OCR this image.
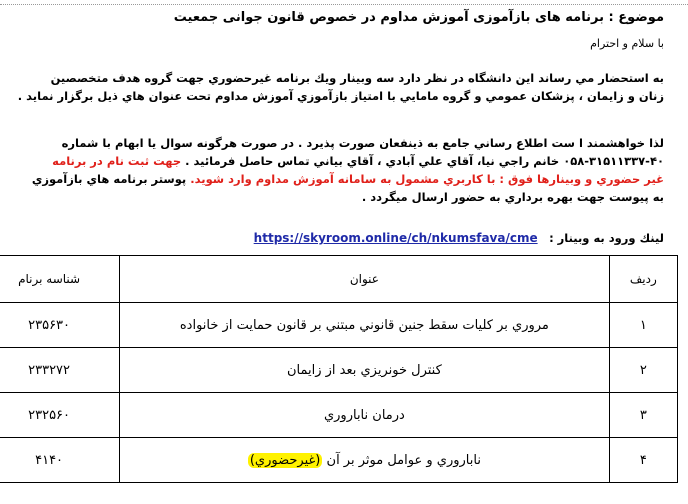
موضوع : برنامه های بازآموزی آموزش مداوم در خصوص قانون جوانی جمعیت
با سلام و احترام
به استحضار مي رساند اين دانشگاه در نظر دارد سه وبينار ويك برنامه غيرحضوري جهت گروه هدف متخصصين
زنان و زايمان ، پزشكان عمومي و گروه مامايي با امتياز بازآموزي آموزش مداوم تحت عنوان هاي ذيل برگزار نمايد .
لذا خواهشمند ا ست اطلاع رساني جامع به ذينفعان صورت پذيرد . در صورت هرگونه سوال يا ابهام با شماره
۰۵۸-۳۱۵۱۱۳۳۷-۴۰ خانم راجي نيا، آقاي علي آبادي ، آقاي بياني تماس حاصل فرمائيد . جهت ثبت نام در برنامه
غير حضوري و وبينارها فوق : با كاربري مشمول به سامانه آموزش مداوم وارد شويد. پوستر برنامه هاي بازآموزي
به پيوست جهت بهره برداري به حضور ارسال ميگردد .
لينك ورود به وبينار :   https://skyroom.online/ch/nkumsfava/cme
رديف	عنوان	شناسه برنام
۱	مروري بر كليات سقط جنين قانوني مبتني بر قانون حمايت از خانواده	۲۳۵۶۳۰
۲	كنترل خونريزي بعد از زايمان	۲۳۳۲۷۲
۳	درمان ناباروري	۲۳۲۵۶۰
۴	ناباروري و عوامل موثر بر آن (غيرحضوري)	۴۱۴۰
